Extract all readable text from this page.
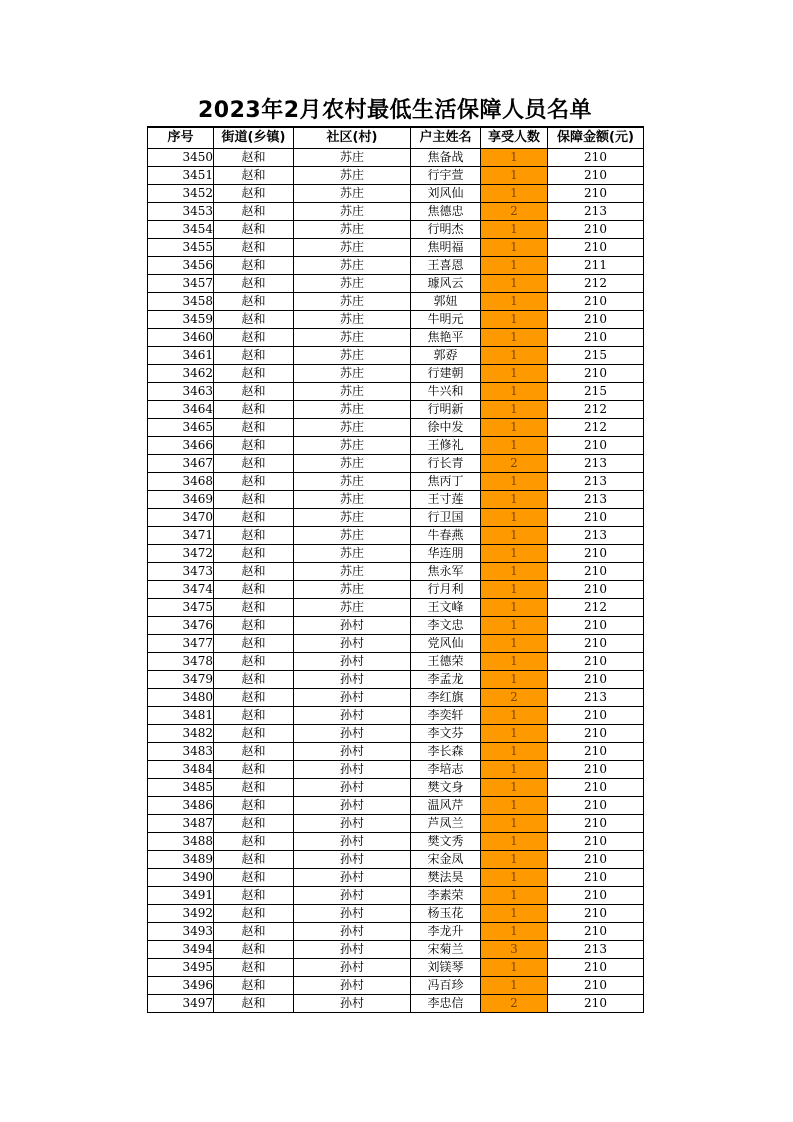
2023年2月农村最低生活保障人员名单
序号	街道(乡镇)	社区(村)	户主姓名	享受人数	保障金额(元)
3450	赵和	苏庄	焦备战	1	210
3451	赵和	苏庄	行宇萱	1	210
3452	赵和	苏庄	刘风仙	1	210
3453	赵和	苏庄	焦德忠	2	213
3454	赵和	苏庄	行明杰	1	210
3455	赵和	苏庄	焦明福	1	210
3456	赵和	苏庄	王喜恩	1	211
3457	赵和	苏庄	璩风云	1	212
3458	赵和	苏庄	郭妞	1	210
3459	赵和	苏庄	牛明元	1	210
3460	赵和	苏庄	焦艳平	1	210
3461	赵和	苏庄	郭孬	1	215
3462	赵和	苏庄	行建朝	1	210
3463	赵和	苏庄	牛兴和	1	215
3464	赵和	苏庄	行明新	1	212
3465	赵和	苏庄	徐中发	1	212
3466	赵和	苏庄	王修礼	1	210
3467	赵和	苏庄	行长青	2	213
3468	赵和	苏庄	焦丙丁	1	213
3469	赵和	苏庄	王寸莲	1	213
3470	赵和	苏庄	行卫国	1	210
3471	赵和	苏庄	牛春燕	1	213
3472	赵和	苏庄	华连朋	1	210
3473	赵和	苏庄	焦永军	1	210
3474	赵和	苏庄	行月利	1	210
3475	赵和	苏庄	王文峰	1	212
3476	赵和	孙村	李文忠	1	210
3477	赵和	孙村	党风仙	1	210
3478	赵和	孙村	王德荣	1	210
3479	赵和	孙村	李孟龙	1	210
3480	赵和	孙村	李红旗	2	213
3481	赵和	孙村	李奕轩	1	210
3482	赵和	孙村	李文芬	1	210
3483	赵和	孙村	李长森	1	210
3484	赵和	孙村	李培志	1	210
3485	赵和	孙村	樊文身	1	210
3486	赵和	孙村	温风芹	1	210
3487	赵和	孙村	芦凤兰	1	210
3488	赵和	孙村	樊文秀	1	210
3489	赵和	孙村	宋金凤	1	210
3490	赵和	孙村	樊法昊	1	210
3491	赵和	孙村	李素荣	1	210
3492	赵和	孙村	杨玉花	1	210
3493	赵和	孙村	李龙升	1	210
3494	赵和	孙村	宋菊兰	3	213
3495	赵和	孙村	刘镁琴	1	210
3496	赵和	孙村	冯百珍	1	210
3497	赵和	孙村	李忠信	2	210
